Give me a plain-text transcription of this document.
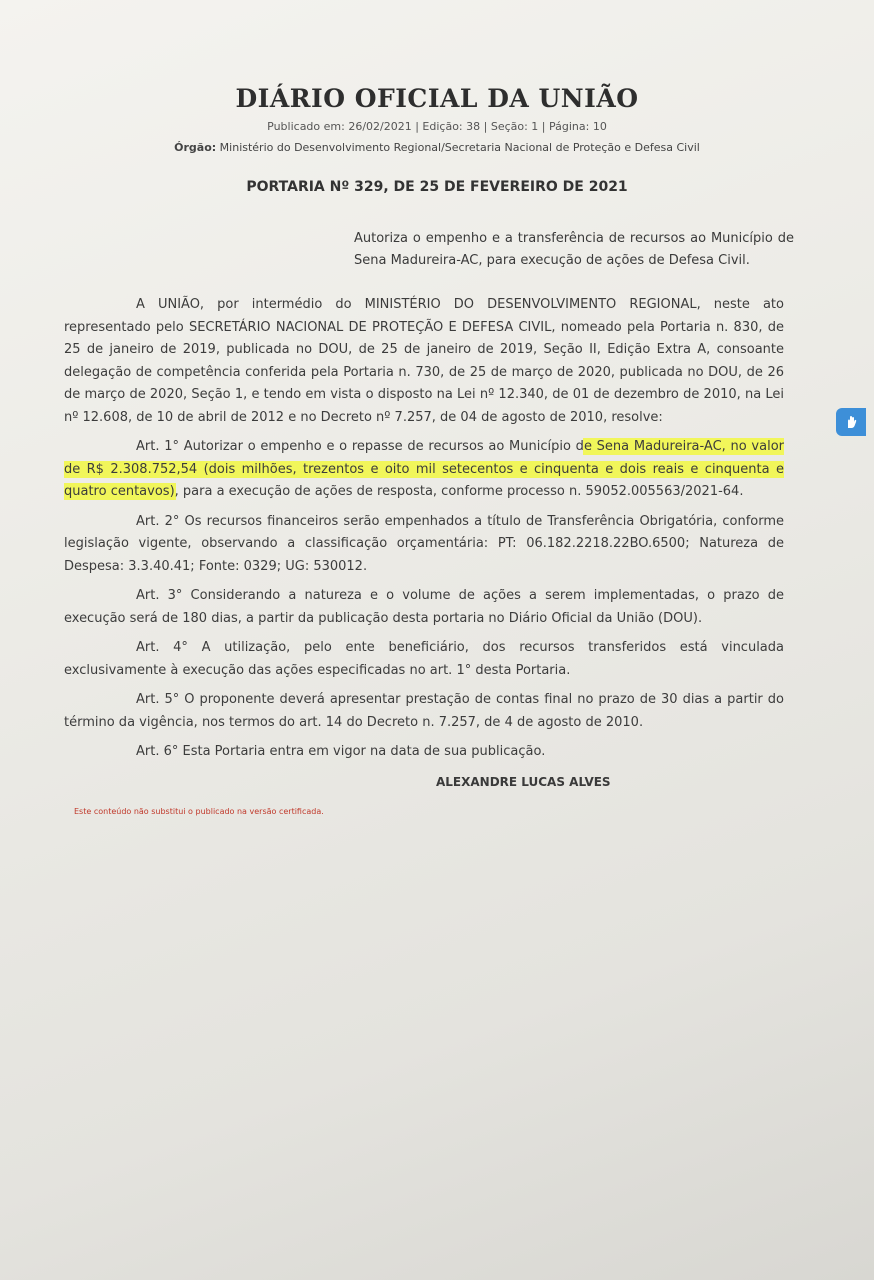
DIÁRIO OFICIAL DA UNIÃO
Publicado em: 26/02/2021 | Edição: 38 | Seção: 1 | Página: 10
Órgão: Ministério do Desenvolvimento Regional/Secretaria Nacional de Proteção e Defesa Civil
PORTARIA Nº 329, DE 25 DE FEVEREIRO DE 2021
Autoriza o empenho e a transferência de recursos ao Município de Sena Madureira-AC, para execução de ações de Defesa Civil.

A UNIÃO, por intermédio do MINISTÉRIO DO DESENVOLVIMENTO REGIONAL, neste ato representado pelo SECRETÁRIO NACIONAL DE PROTEÇÃO E DEFESA CIVIL, nomeado pela Portaria n. 830, de 25 de janeiro de 2019, publicada no DOU, de 25 de janeiro de 2019, Seção II, Edição Extra A, consoante delegação de competência conferida pela Portaria n. 730, de 25 de março de 2020, publicada no DOU, de 26 de março de 2020, Seção 1, e tendo em vista o disposto na Lei nº 12.340, de 01 de dezembro de 2010, na Lei nº 12.608, de 10 de abril de 2012 e no Decreto nº 7.257, de 04 de agosto de 2010, resolve:

Art. 1° Autorizar o empenho e o repasse de recursos ao Município de Sena Madureira-AC, no valor de R$ 2.308.752,54 (dois milhões, trezentos e oito mil setecentos e cinquenta e dois reais e cinquenta e quatro centavos), para a execução de ações de resposta, conforme processo n. 59052.005563/2021-64.

Art. 2° Os recursos financeiros serão empenhados a título de Transferência Obrigatória, conforme legislação vigente, observando a classificação orçamentária: PT: 06.182.2218.22BO.6500; Natureza de Despesa: 3.3.40.41; Fonte: 0329; UG: 530012.

Art. 3° Considerando a natureza e o volume de ações a serem implementadas, o prazo de execução será de 180 dias, a partir da publicação desta portaria no Diário Oficial da União (DOU).

Art. 4° A utilização, pelo ente beneficiário, dos recursos transferidos está vinculada exclusivamente à execução das ações especificadas no art. 1° desta Portaria.

Art. 5° O proponente deverá apresentar prestação de contas final no prazo de 30 dias a partir do término da vigência, nos termos do art. 14 do Decreto n. 7.257, de 4 de agosto de 2010.

Art. 6° Esta Portaria entra em vigor na data de sua publicação.

ALEXANDRE LUCAS ALVES
Este conteúdo não substitui o publicado na versão certificada.
